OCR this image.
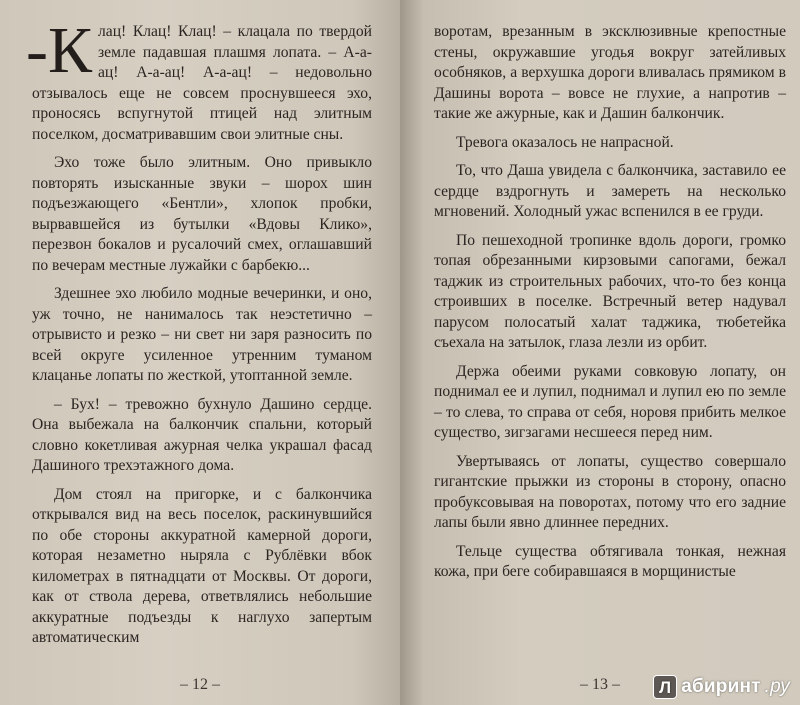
-К лац! Клац! Клац! – клацала по твердой земле падавшая плашмя лопата. – А-а-ац! А-а-ац! А-а-ац! – недовольно отзывалось еще не совсем проснувшееся эхо, проносясь вспугнутой птицей над элитным поселком, досматривавшим свои элитные сны.

Эхо тоже было элитным. Оно привыкло повторять изысканные звуки – шорох шин подъезжающего «Бентли», хлопок пробки, вырвавшейся из бутылки «Вдовы Клико», перезвон бокалов и русалочий смех, оглашавший по вечерам местные лужайки с барбекю...

Здешнее эхо любило модные вечеринки, и оно, уж точно, не нанималось так неэстетично – отрывисто и резко – ни свет ни заря разносить по всей округе усиленное утренним туманом клацанье лопаты по жесткой, утоптанной земле.

– Бух! – тревожно бухнуло Дашино сердце. Она выбежала на балкончик спальни, который словно кокетливая ажурная челка украшал фасад Дашиного трехэтажного дома.

Дом стоял на пригорке, и с балкончика открывался вид на весь поселок, раскинувшийся по обе стороны аккуратной камерной дороги, которая незаметно ныряла с Рублёвки вбок километрах в пятнадцати от Москвы. От дороги, как от ствола дерева, ответвлялись небольшие аккуратные подъезды к наглухо запертым автоматическим

– 12 –

воротам, врезанным в эксклюзивные крепостные стены, окружавшие угодья вокруг затейливых особняков, а верхушка дороги вливалась прямиком в Дашины ворота – вовсе не глухие, а напротив – такие же ажурные, как и Дашин балкончик.

Тревога оказалось не напрасной.

То, что Даша увидела с балкончика, заставило ее сердце вздрогнуть и замереть на несколько мгновений. Холодный ужас вспенился в ее груди.

По пешеходной тропинке вдоль дороги, громко топая обрезанными кирзовыми сапогами, бежал таджик из строительных рабочих, что-то без конца строивших в поселке. Встречный ветер надувал парусом полосатый халат таджика, тюбетейка съехала на затылок, глаза лезли из орбит.

Держа обеими руками совковую лопату, он поднимал ее и лупил, поднимал и лупил ею по земле – то слева, то справа от себя, норовя прибить мелкое существо, зигзагами несшееся перед ним.

Увертываясь от лопаты, существо совершало гигантские прыжки из стороны в сторону, опасно пробуксовывая на поворотах, потому что его задние лапы были явно длиннее передних.

Тельце существа обтягивала тонкая, нежная кожа, при беге собиравшаяся в морщинистые

– 13 –	Л абиринт .ру
